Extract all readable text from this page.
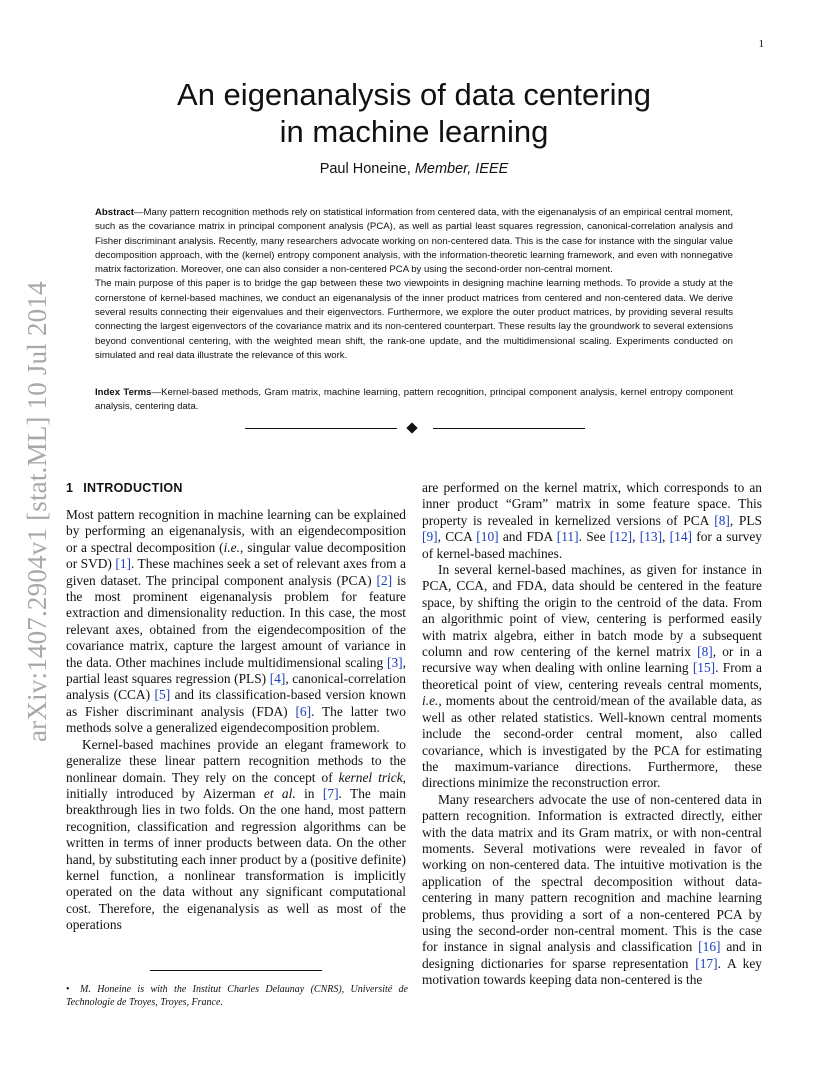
1
arXiv:1407.2904v1 [stat.ML] 10 Jul 2014
An eigenanalysis of data centering
in machine learning
Paul Honeine, Member, IEEE

Abstract—Many pattern recognition methods rely on statistical information from centered data, with the eigenanalysis of an empirical central moment, such as the covariance matrix in principal component analysis (PCA), as well as partial least squares regression, canonical-correlation analysis and Fisher discriminant analysis. Recently, many researchers advocate working on non-centered data. This is the case for instance with the singular value decomposition approach, with the (kernel) entropy component analysis, with the information-theoretic learning framework, and even with nonnegative matrix factorization. Moreover, one can also consider a non-centered PCA by using the second-order non-central moment.

The main purpose of this paper is to bridge the gap between these two viewpoints in designing machine learning methods. To provide a study at the cornerstone of kernel-based machines, we conduct an eigenanalysis of the inner product matrices from centered and non-centered data. We derive several results connecting their eigenvalues and their eigenvectors. Furthermore, we explore the outer product matrices, by providing several results connecting the largest eigenvectors of the covariance matrix and its non-centered counterpart. These results lay the groundwork to several extensions beyond conventional centering, with the weighted mean shift, the rank-one update, and the multidimensional scaling. Experiments conducted on simulated and real data illustrate the relevance of this work.

Index Terms—Kernel-based methods, Gram matrix, machine learning, pattern recognition, principal component analysis, kernel entropy component analysis, centering data.
1 INTRODUCTION

Most pattern recognition in machine learning can be explained by performing an eigenanalysis, with an eigendecomposition or a spectral decomposition (i.e., singular value decomposition or SVD) [ 1 ] . These machines seek a set of relevant axes from a given dataset. The principal component analysis (PCA) [ 2 ] is the most prominent eigenanalysis problem for feature extraction and dimensionality reduction. In this case, the most relevant axes, obtained from the eigendecomposition of the covariance matrix, capture the largest amount of variance in the data. Other machines include multidimensional scaling [ 3 ] , partial least squares regression (PLS) [ 4 ] , canonical-correlation analysis (CCA) [ 5 ] and its classification-based version known as Fisher discriminant analysis (FDA) [ 6 ] . The latter two methods solve a generalized eigendecomposition problem.

Kernel-based machines provide an elegant framework to generalize these linear pattern recognition methods to the nonlinear domain. They rely on the concept of kernel trick, initially introduced by Aizerman et al. in [ 7 ] . The main breakthrough lies in two folds. On the one hand, most pattern recognition, classification and regression algorithms can be written in terms of inner products between data. On the other hand, by substituting each inner product by a (positive definite) kernel function, a nonlinear transformation is implicitly operated on the data without any significant computational cost. Therefore, the eigenanalysis as well as most of the operations

are performed on the kernel matrix, which corresponds to an inner product “Gram” matrix in some feature space. This property is revealed in kernelized versions of PCA [ 8 ] , PLS [ 9 ] , CCA [ 10 ] and FDA [ 11 ] . See [ 12 ] , [ 13 ] , [ 14 ] for a survey of kernel-based machines.

In several kernel-based machines, as given for instance in PCA, CCA, and FDA, data should be centered in the feature space, by shifting the origin to the centroid of the data. From an algorithmic point of view, centering is performed easily with matrix algebra, either in batch mode by a subsequent column and row centering of the kernel matrix [ 8 ] , or in a recursive way when dealing with online learning [ 15 ] . From a theoretical point of view, centering reveals central moments, i.e., moments about the centroid/mean of the available data, as well as other related statistics. Well-known central moments include the second-order central moment, also called covariance, which is investigated by the PCA for estimating the maximum-variance directions. Furthermore, these directions minimize the reconstruction error.

Many researchers advocate the use of non-centered data in pattern recognition. Information is extracted directly, either with the data matrix and its Gram matrix, or with non-central moments. Several motivations were revealed in favor of working on non-centered data. The intuitive motivation is the application of the spectral decomposition without data-centering in many pattern recognition and machine learning problems, thus providing a sort of a non-centered PCA by using the second-order non-central moment. This is the case for instance in signal analysis and classification [ 16 ] and in designing dictionaries for sparse representation [ 17 ] . A key motivation towards keeping data non-centered is the

• M. Honeine is with the Institut Charles Delaunay (CNRS), Université de Technologie de Troyes, Troyes, France.
